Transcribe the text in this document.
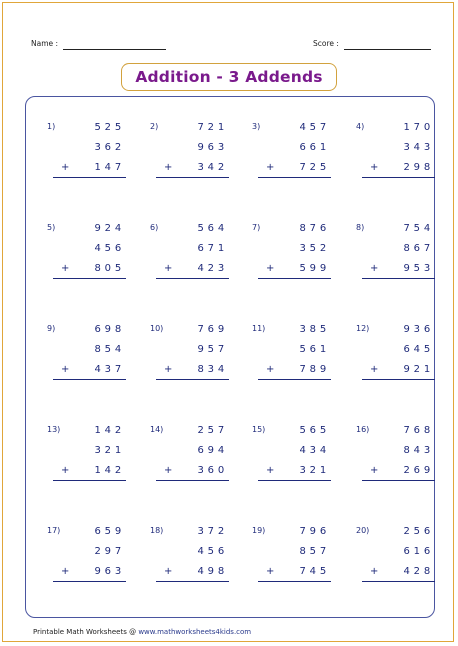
Name :	Score :
Addition - 3 Addends
1)	525
362
+	147
2)	721
963
+	342
3)	457
661
+	725
4)	170
343
+	298
5)	924
456
+	805
6)	564
671
+	423
7)	876
352
+	599
8)	754
867
+	953
9)	698
854
+	437
10)	769
957
+	834
11)	385
561
+	789
12)	936
645
+	921
13)	142
321
+	142
14)	257
694
+	360
15)	565
434
+	321
16)	768
843
+	269
17)	659
297
+	963
18)	372
456
+	498
19)	796
857
+	745
20)	256
616
+	428
Printable Math Worksheets @ www.mathworksheets4kids.com
